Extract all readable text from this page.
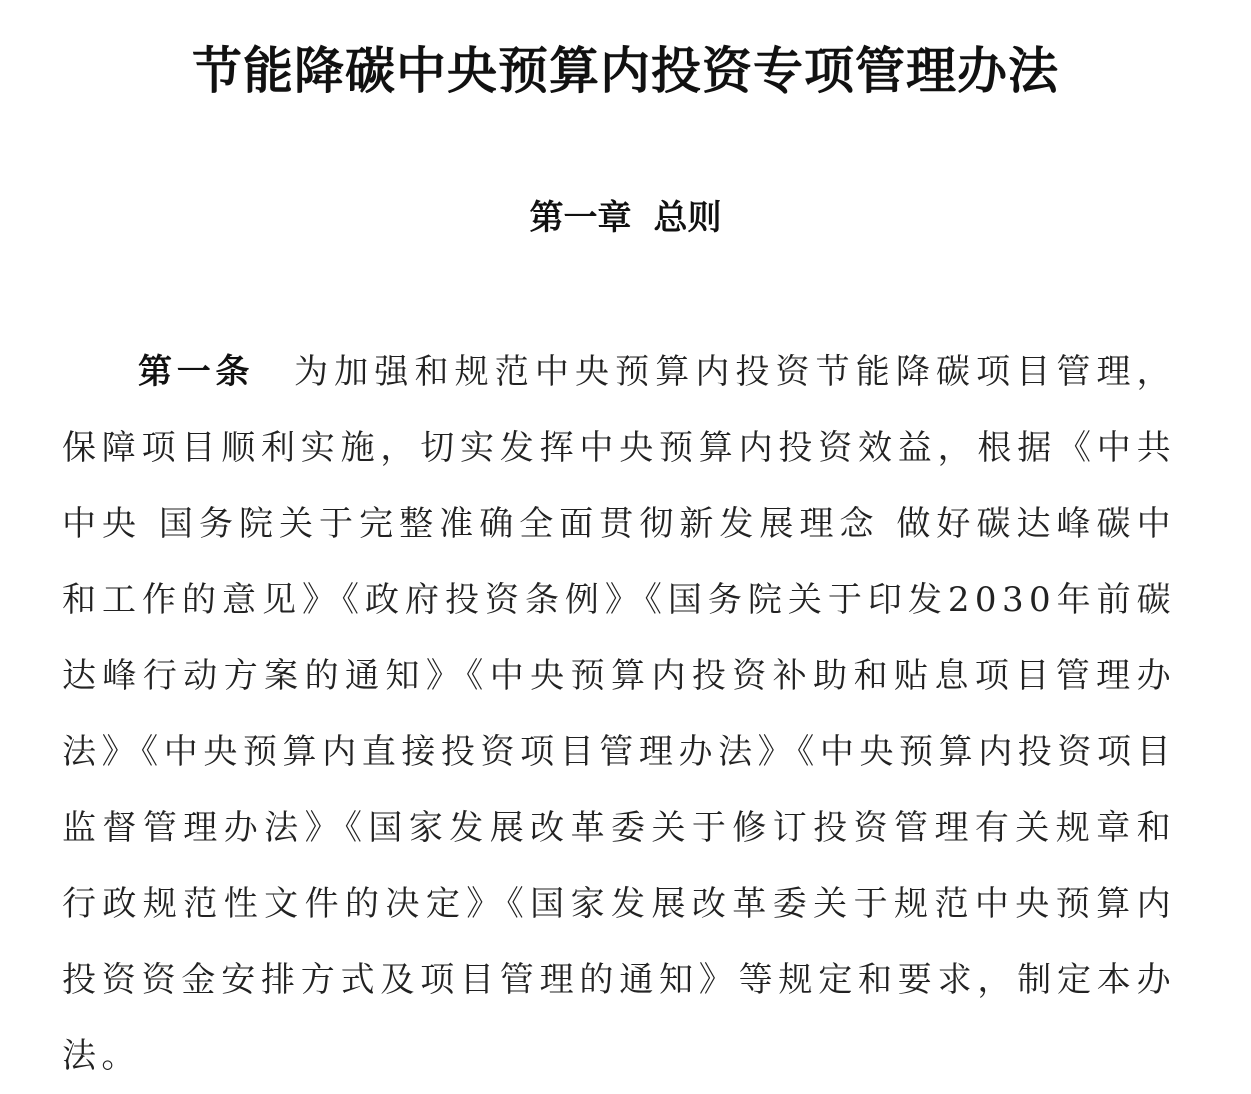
节能降碳中央预算内投资专项管理办法
第一章 总则

第一条 为加强和规范中央预算内投资节能降碳项目管理，保障项目顺利实施，切实发挥中央预算内投资效益，根据《中共中央 国务院关于完整准确全面贯彻新发展理念 做好碳达峰碳中和工作的意见》《政府投资条例》《国务院关于印发2030年前碳达峰行动方案的通知》《中央预算内投资补助和贴息项目管理办法》《中央预算内直接投资项目管理办法》《中央预算内投资项目监督管理办法》《国家发展改革委关于修订投资管理有关规章和行政规范性文件的决定》《国家发展改革委关于规范中央预算内投资资金安排方式及项目管理的通知》等规定和要求，制定本办法。
